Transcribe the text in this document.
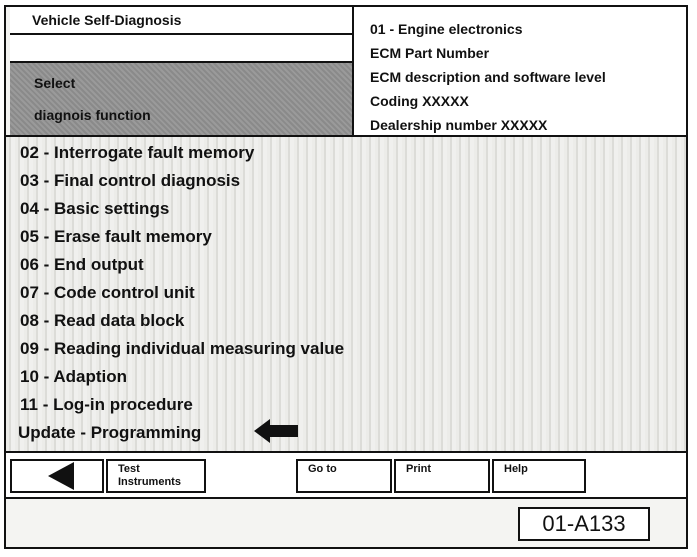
Vehicle Self-Diagnosis
Select
diagnois function
01 - Engine electronics
ECM Part Number
ECM description and software level
Coding XXXXX
Dealership number XXXXX
02 - Interrogate fault memory
03 - Final control diagnosis
04 - Basic settings
05 - Erase fault memory
06 - End output
07 - Code control unit
08 - Read data block
09 - Reading individual measuring value
10 - Adaption
11 - Log-in procedure
Update - Programming
Test
Instruments
Go to	Print	Help
01-A133
